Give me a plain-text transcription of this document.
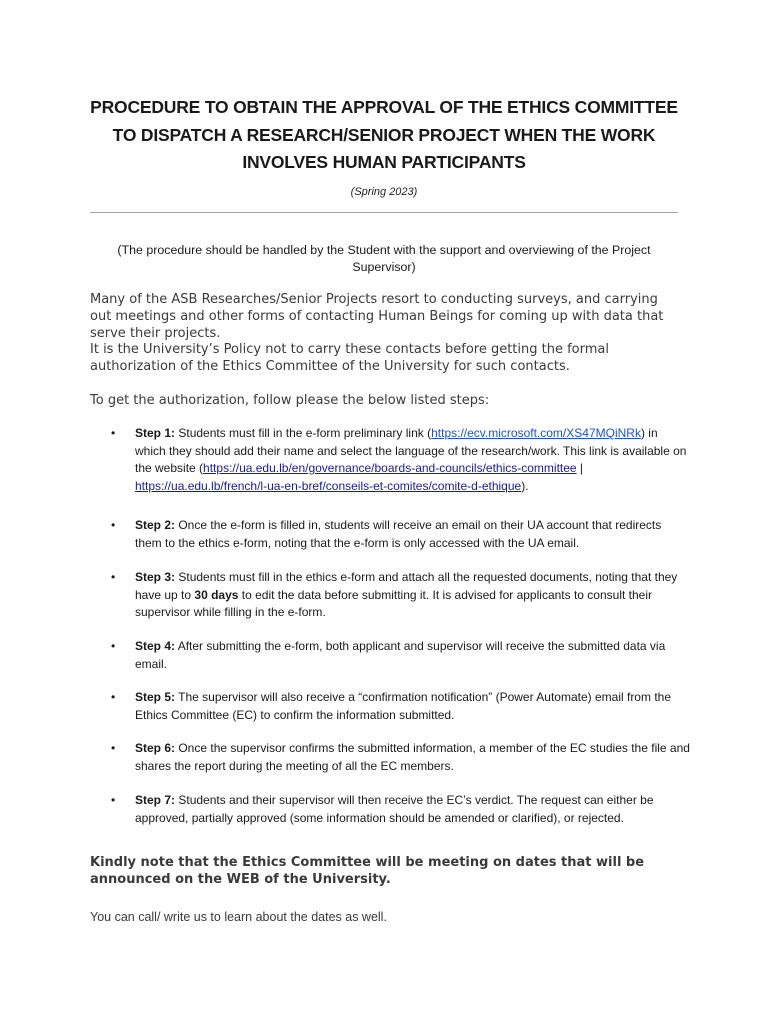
PROCEDURE TO OBTAIN THE APPROVAL OF THE ETHICS COMMITTEE
TO DISPATCH A RESEARCH/SENIOR PROJECT WHEN THE WORK
INVOLVES HUMAN PARTICIPANTS
(Spring 2023)
(The procedure should be handled by the Student with the support and overviewing of the Project
Supervisor)

Many of the ASB Researches/Senior Projects resort to conducting surveys, and carrying out meetings and other forms of contacting Human Beings for coming up with data that serve their projects.

It is the University’s Policy not to carry these contacts before getting the formal authorization of the Ethics Committee of the University for such contacts.

To get the authorization, follow please the below listed steps:
• Step 1: Students must fill in the e-form preliminary link (https://ecv.microsoft.com/XS47MQiNRk) in which they should add their name and select the language of the research/work. This link is available on the website (https://ua.edu.lb/en/governance/boards-and-councils/ethics-committee | https://ua.edu.lb/french/l-ua-en-bref/conseils-et-comites/comite-d-ethique).

• Step 2: Once the e-form is filled in, students will receive an email on their UA account that redirects them to the ethics e-form, noting that the e-form is only accessed with the UA email.

• Step 3: Students must fill in the ethics e-form and attach all the requested documents, noting that they have up to 30 days to edit the data before submitting it. It is advised for applicants to consult their supervisor while filling in the e-form.

• Step 4: After submitting the e-form, both applicant and supervisor will receive the submitted data via email.

• Step 5: The supervisor will also receive a “confirmation notification” (Power Automate) email from the Ethics Committee (EC) to confirm the information submitted.

• Step 6: Once the supervisor confirms the submitted information, a member of the EC studies the file and shares the report during the meeting of all the EC members.

• Step 7: Students and their supervisor will then receive the EC’s verdict. The request can either be approved, partially approved (some information should be amended or clarified), or rejected.

Kindly note that the Ethics Committee will be meeting on dates that will be announced on the WEB of the University.
You can call/ write us to learn about the dates as well.
